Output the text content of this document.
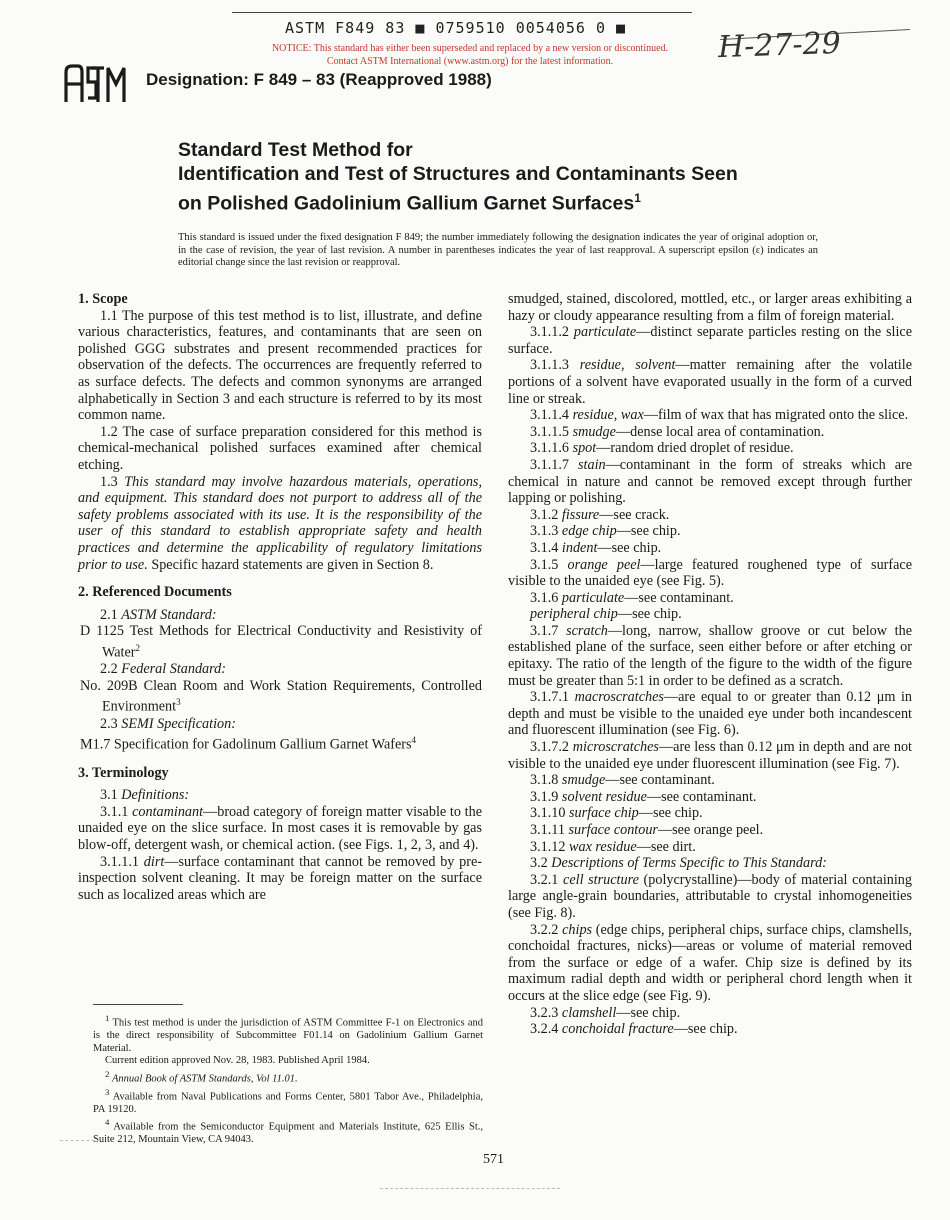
ASTM F849 83 ■ 0759510 0054056 0 ■
NOTICE: This standard has either been superseded and replaced by a new version or discontinued.
Contact ASTM International (www.astm.org) for the latest information.	H-27-29
Designation: F 849 – 83 (Reapproved 1988)
Standard Test Method for
Identification and Test of Structures and Contaminants Seen
on Polished Gadolinium Gallium Garnet Surfaces$^1$
This standard is issued under the fixed designation F 849; the number immediately following the designation indicates the year of original adoption or, in the case of revision, the year of last revision. A number in parentheses indicates the year of last reapproval. A superscript epsilon (ε) indicates an editorial change since the last revision or reapproval.

1. Scope

1.1 The purpose of this test method is to list, illustrate, and define various characteristics, features, and contaminants that are seen on polished GGG substrates and present recommended practices for observation of the defects. The occurrences are frequently referred to as surface defects. The defects and common synonyms are arranged alphabetically in Section 3 and each structure is referred to by its most common name.

1.2 The case of surface preparation considered for this method is chemical-mechanical polished surfaces examined after chemical etching.

1.3 This standard may involve hazardous materials, operations, and equipment. This standard does not purport to address all of the safety problems associated with its use. It is the responsibility of the user of this standard to establish appropriate safety and health practices and determine the applicability of regulatory limitations prior to use. Specific hazard statements are given in Section 8.

2. Referenced Documents

2.1 ASTM Standard:

D 1125 Test Methods for Electrical Conductivity and Resistivity of Water$^2$

2.2 Federal Standard:

No. 209B Clean Room and Work Station Requirements, Controlled Environment$^3$

2.3 SEMI Specification:

M1.7 Specification for Gadolinum Gallium Garnet Wafers$^4$

3. Terminology

3.1 Definitions:

3.1.1 contaminant—broad category of foreign matter visable to the unaided eye on the slice surface. In most cases it is removable by gas blow-off, detergent wash, or chemical action. (see Figs. 1, 2, 3, and 4).

3.1.1.1 dirt—surface contaminant that cannot be removed by pre-inspection solvent cleaning. It may be foreign matter on the surface such as localized areas which are

$^1$ This test method is under the jurisdiction of ASTM Committee F-1 on Electronics and is the direct responsibility of Subcommittee F01.14 on Gadolinium Gallium Garnet Material.

Current edition approved Nov. 28, 1983. Published April 1984.

$^2$ Annual Book of ASTM Standards, Vol 11.01.

$^3$ Available from Naval Publications and Forms Center, 5801 Tabor Ave., Philadelphia, PA 19120.

$^4$ Available from the Semiconductor Equipment and Materials Institute, 625 Ellis St., Suite 212, Mountain View, CA 94043.

smudged, stained, discolored, mottled, etc., or larger areas exhibiting a hazy or cloudy appearance resulting from a film of foreign material.

3.1.1.2 particulate—distinct separate particles resting on the slice surface.

3.1.1.3 residue, solvent—matter remaining after the volatile portions of a solvent have evaporated usually in the form of a curved line or streak.

3.1.1.4 residue, wax—film of wax that has migrated onto the slice.

3.1.1.5 smudge—dense local area of contamination.

3.1.1.6 spot—random dried droplet of residue.

3.1.1.7 stain—contaminant in the form of streaks which are chemical in nature and cannot be removed except through further lapping or polishing.

3.1.2 fissure—see crack.

3.1.3 edge chip—see chip.

3.1.4 indent—see chip.

3.1.5 orange peel—large featured roughened type of surface visible to the unaided eye (see Fig. 5).

3.1.6 particulate—see contaminant.

peripheral chip—see chip.

3.1.7 scratch—long, narrow, shallow groove or cut below the established plane of the surface, seen either before or after etching or epitaxy. The ratio of the length of the figure to the width of the figure must be greater than 5:1 in order to be defined as a scratch.

3.1.7.1 macroscratches—are equal to or greater than 0.12 μm in depth and must be visible to the unaided eye under both incandescent and fluorescent illumination (see Fig. 6).

3.1.7.2 microscratches—are less than 0.12 μm in depth and are not visible to the unaided eye under fluorescent illumination (see Fig. 7).

3.1.8 smudge—see contaminant.

3.1.9 solvent residue—see contaminant.

3.1.10 surface chip—see chip.

3.1.11 surface contour—see orange peel.

3.1.12 wax residue—see dirt.

3.2 Descriptions of Terms Specific to This Standard:

3.2.1 cell structure (polycrystalline)—body of material containing large angle-grain boundaries, attributable to crystal inhomogeneities (see Fig. 8).

3.2.2 chips (edge chips, peripheral chips, surface chips, clamshells, conchoidal fractures, nicks)—areas or volume of material removed from the surface or edge of a wafer. Chip size is defined by its maximum radial depth and width or peripheral chord length when it occurs at the slice edge (see Fig. 9).

3.2.3 clamshell—see chip.

3.2.4 conchoidal fracture—see chip.

571
